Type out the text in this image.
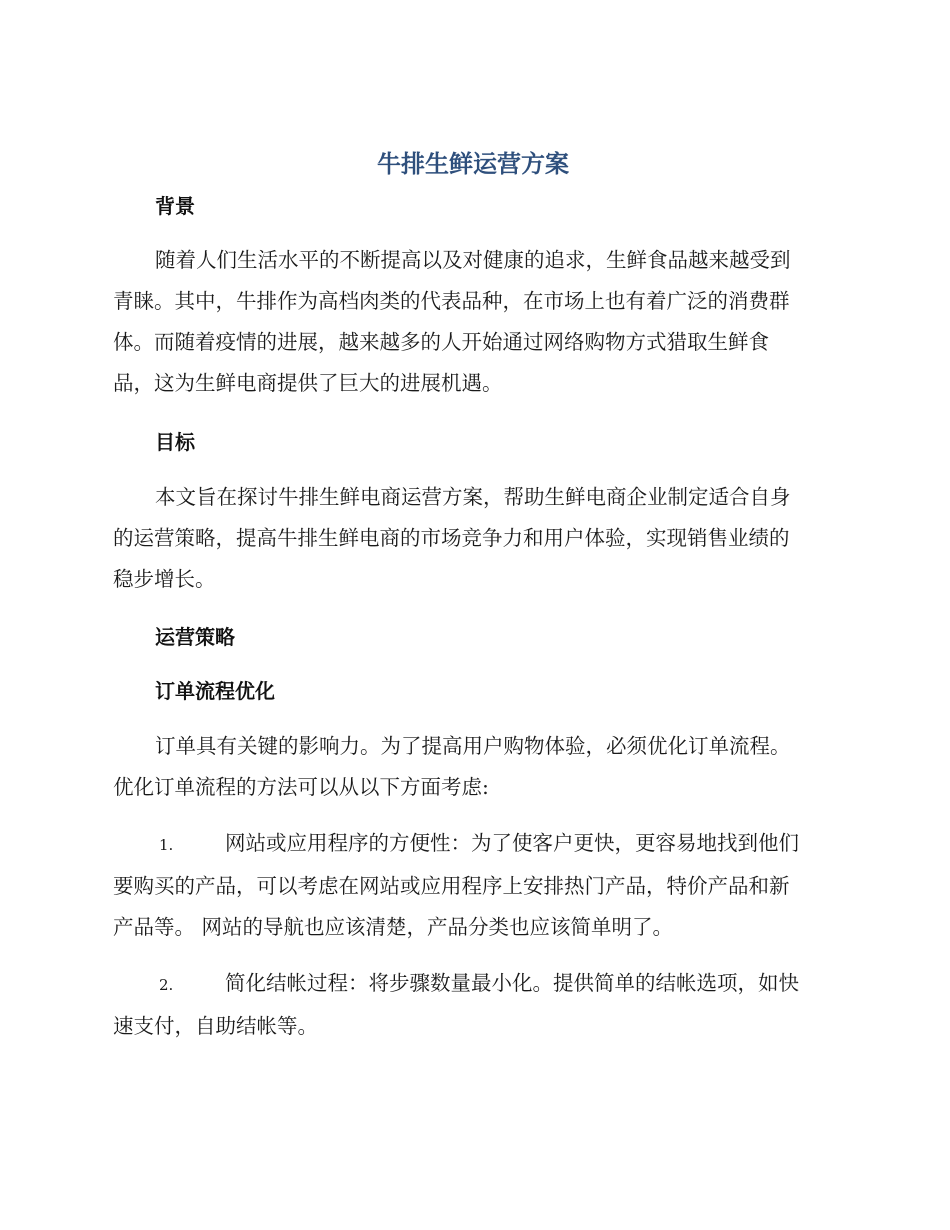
牛排生鲜运营方案
背景
随着人们生活水平的不断提高以及对健康的追求，生鲜食品越来越受到
青睐。其中，牛排作为高档肉类的代表品种，在市场上也有着广泛的消费群
体。而随着疫情的进展，越来越多的人开始通过网络购物方式猎取生鲜食
品，这为生鲜电商提供了巨大的进展机遇。
目标
本文旨在探讨牛排生鲜电商运营方案，帮助生鲜电商企业制定适合自身
的运营策略，提高牛排生鲜电商的市场竞争力和用户体验，实现销售业绩的
稳步增长。
运营策略
订单流程优化
订单具有关键的影响力。为了提高用户购物体验，必须优化订单流程。
优化订单流程的方法可以从以下方面考虑:
1.	网站或应用程序的方便性：为了使客户更快，更容易地找到他们
要购买的产品，可以考虑在网站或应用程序上安排热门产品，特价产品和新
产品等。 网站的导航也应该清楚，产品分类也应该简单明了。
2.	简化结帐过程：将步骤数量最小化。提供简单的结帐选项，如快
速支付，自助结帐等。
